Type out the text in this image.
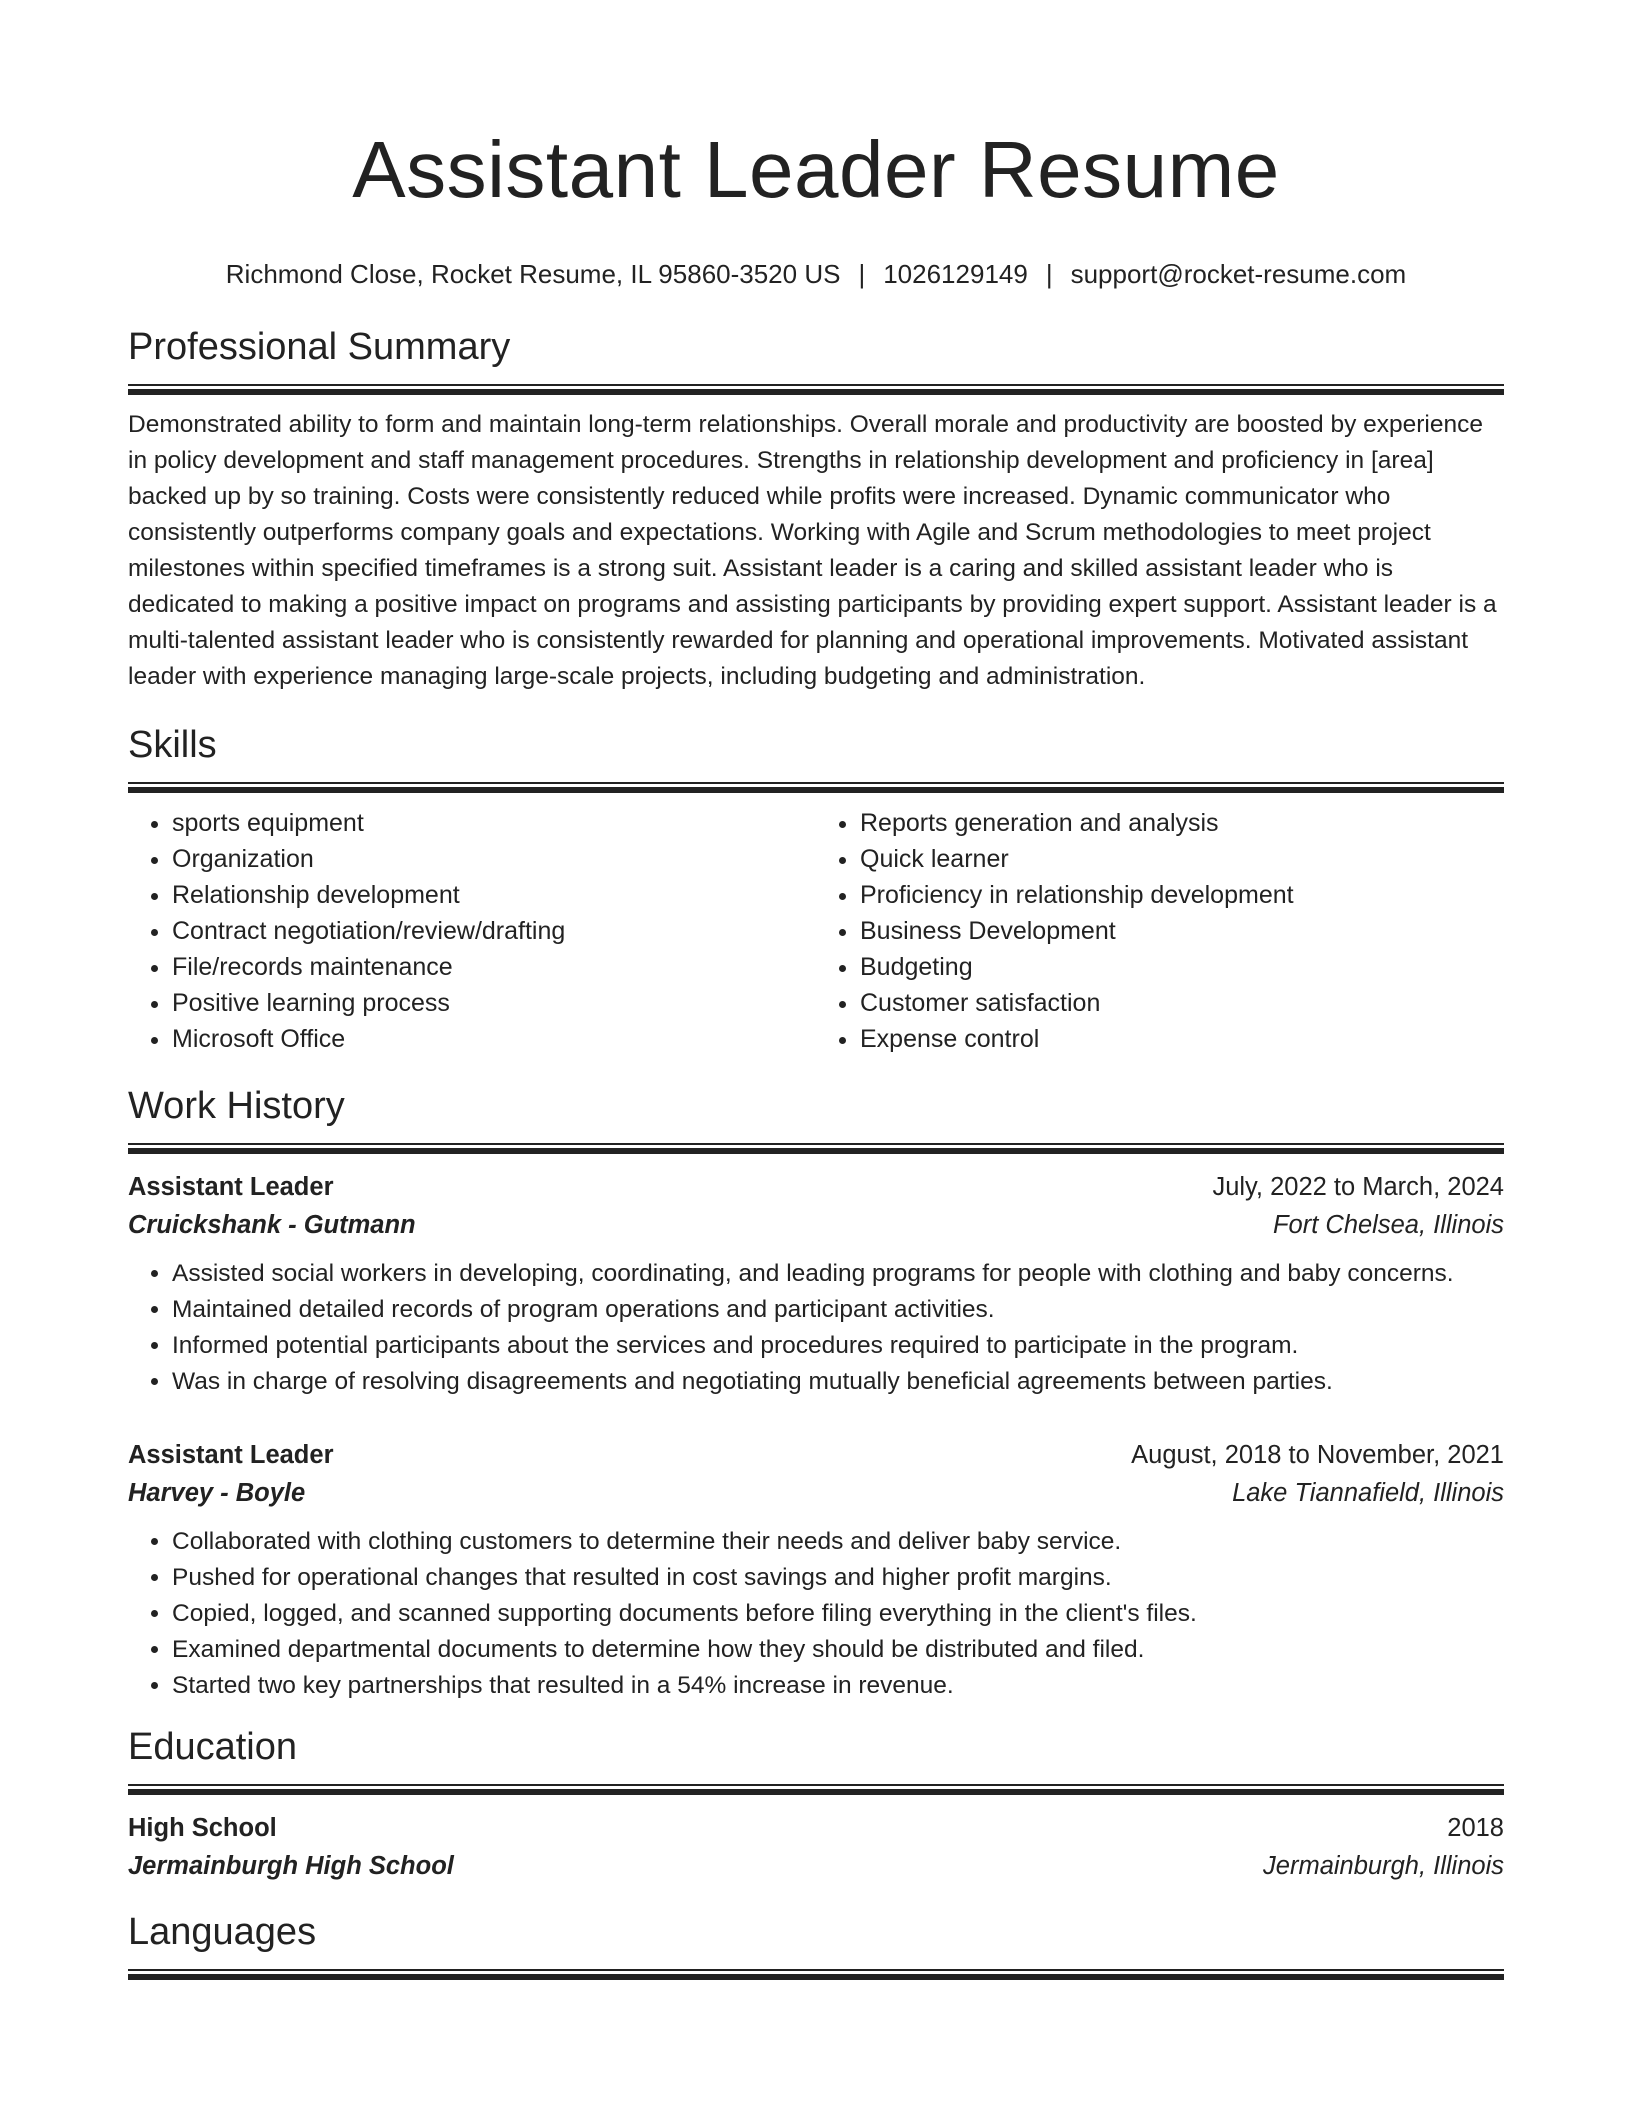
Assistant Leader Resume
Richmond Close, Rocket Resume, IL 95860-3520 US | 1026129149 | support@rocket-resume.com
Professional Summary

Demonstrated ability to form and maintain long-term relationships. Overall morale and productivity are boosted by experience in policy development and staff management procedures. Strengths in relationship development and proficiency in [area] backed up by so training. Costs were consistently reduced while profits were increased. Dynamic communicator who consistently outperforms company goals and expectations. Working with Agile and Scrum methodologies to meet project milestones within specified timeframes is a strong suit. Assistant leader is a caring and skilled assistant leader who is dedicated to making a positive impact on programs and assisting participants by providing expert support. Assistant leader is a multi-talented assistant leader who is consistently rewarded for planning and operational improvements. Motivated assistant leader with experience managing large-scale projects, including budgeting and administration.

Skills
• sports equipment
• Organization
• Relationship development
• Contract negotiation/review/drafting
• File/records maintenance
• Positive learning process
• Microsoft Office
• Reports generation and analysis
• Quick learner
• Proficiency in relationship development
• Business Development
• Budgeting
• Customer satisfaction
• Expense control
Work History
Assistant Leader	July, 2022 to March, 2024
Cruickshank - Gutmann	Fort Chelsea, Illinois
• Assisted social workers in developing, coordinating, and leading programs for people with clothing and baby concerns.
• Maintained detailed records of program operations and participant activities.
• Informed potential participants about the services and procedures required to participate in the program.
• Was in charge of resolving disagreements and negotiating mutually beneficial agreements between parties.
Assistant Leader	August, 2018 to November, 2021
Harvey - Boyle	Lake Tiannafield, Illinois
• Collaborated with clothing customers to determine their needs and deliver baby service.
• Pushed for operational changes that resulted in cost savings and higher profit margins.
• Copied, logged, and scanned supporting documents before filing everything in the client's files.
• Examined departmental documents to determine how they should be distributed and filed.
• Started two key partnerships that resulted in a 54% increase in revenue.
Education
High School	2018
Jermainburgh High School	Jermainburgh, Illinois
Languages
